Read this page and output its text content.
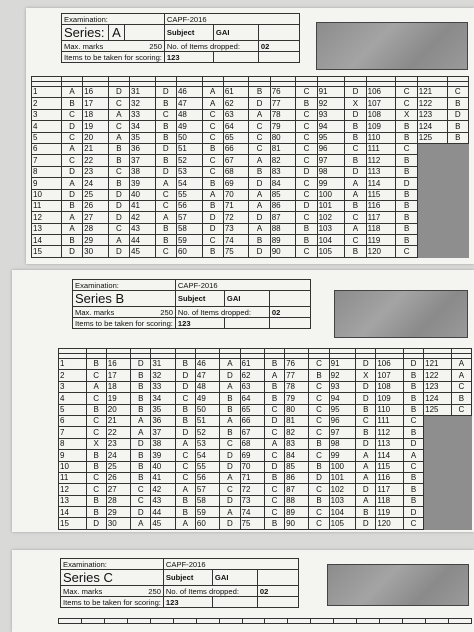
Examination:	CAPF-2016		
Series: A	Subject	GAI	
Max. marks 250	No. of Items dropped:		02
Items to be taken for scoring:	123		

1	A	16	D	31	D	46	A	61	B	76	C	91	D	106	C	121	C
2	B	17	C	32	B	47	A	62	D	77	B	92	X	107	C	122	B
3	C	18	A	33	C	48	C	63	A	78	C	93	D	108	X	123	D
4	D	19	C	34	B	49	C	64	C	79	C	94	B	109	B	124	B
5	C	20	A	35	B	50	C	65	C	80	C	95	B	110	B	125	B
6	A	21	B	36	D	51	B	66	C	81	C	96	C	111	C		
7	C	22	B	37	B	52	C	67	A	82	C	97	B	112	B		
8	D	23	C	38	D	53	C	68	B	83	D	98	D	113	B		
9	A	24	B	39	A	54	B	69	D	84	C	99	A	114	D		
10	D	25	D	40	C	55	A	70	A	85	C	100	A	115	B		
11	B	26	D	41	C	56	B	71	A	86	D	101	B	116	B		
12	A	27	D	42	A	57	D	72	D	87	C	102	C	117	B		
13	A	28	C	43	B	58	D	73	A	88	B	103	A	118	B		
14	B	29	A	44	B	59	C	74	B	89	B	104	C	119	B		
15	D	30	D	45	C	60	B	75	D	90	C	105	B	120	C		
Examination:	CAPF-2016		
Series B	Subject	GAI	
Max. marks 250	No. of Items dropped:		02
Items to be taken for scoring:	123		

1	B	16	D	31	B	46	A	61	B	76	C	91	D	106	D	121	A
2	C	17	B	32	D	47	D	62	A	77	B	92	X	107	B	122	A
3	A	18	B	33	D	48	A	63	B	78	C	93	D	108	B	123	C
4	C	19	B	34	C	49	B	64	B	79	C	94	D	109	B	124	B
5	B	20	B	35	B	50	B	65	C	80	C	95	B	110	B	125	C
6	C	21	A	36	B	51	A	66	D	81	C	96	C	111	C		
7	C	22	A	37	D	52	B	67	C	82	C	97	B	112	B		
8	X	23	D	38	A	53	C	68	A	83	B	98	D	113	D		
9	B	24	B	39	C	54	D	69	C	84	C	99	A	114	A		
10	B	25	B	40	C	55	D	70	D	85	B	100	A	115	C		
11	C	26	B	41	C	56	A	71	B	86	D	101	A	116	B		
12	C	27	C	42	A	57	C	72	C	87	C	102	D	117	B		
13	B	28	C	43	B	58	D	73	C	88	B	103	A	118	B		
14	B	29	D	44	B	59	A	74	C	89	C	104	B	119	D		
15	D	30	A	45	A	60	D	75	B	90	C	105	D	120	C		
Examination:	CAPF-2016		
Series C	Subject	GAI	
Max. marks 250	No. of Items dropped:		02
Items to be taken for scoring:	123		
